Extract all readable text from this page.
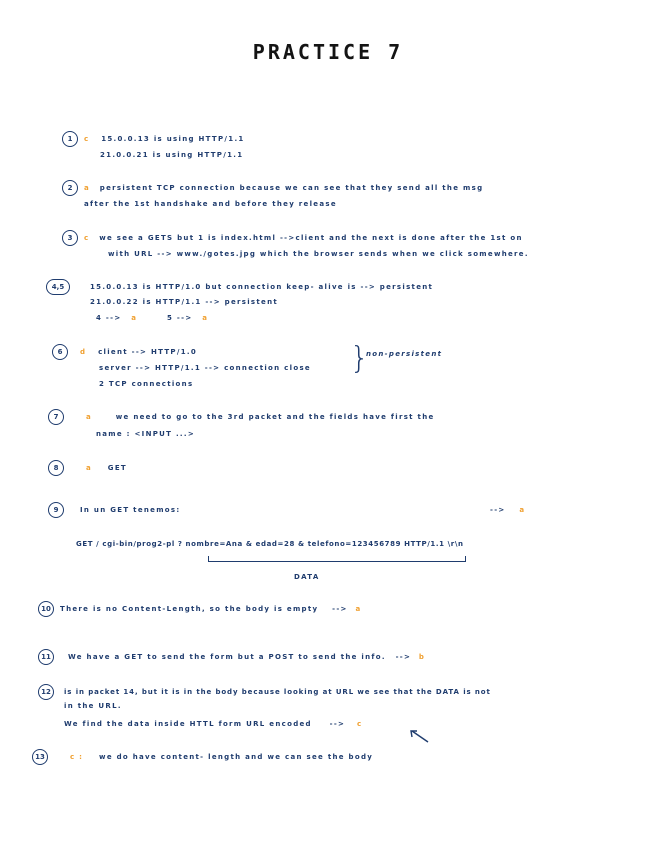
PRACTICE 7
1	c 15.0.0.13 is using HTTP/1.1
21.0.0.21 is using HTTP/1.1
2	a persistent TCP connection because we can see that they send all the msg
after the 1st handshake and before they release
3	c we see a GETS but 1 is index.html -->client and the next is done after the 1st on
with URL --> www./gotes.jpg which the browser sends when we click somewhere.
4,5	15.0.0.13 is HTTP/1.0 but connection keep- alive is --> persistent
21.0.0.22 is HTTP/1.1 --> persistent
4 --> a	5 --> a
6	d client --> HTTP/1.0
server --> HTTP/1.1 --> connection close
2 TCP connections
}
non-persistent
7	a	we need to go to the 3rd packet and the fields have first the
name : <INPUT ...>
8	a GET
9	In un GET tenemos:	--> a
GET / cgi-bin/prog2-pl ? nombre=Ana & edad=28 & telefono=123456789 HTTP/1.1 \r\n
DATA
10	There is no Content-Length, so the body is empty --> a
11	We have a GET to send the form but a POST to send the info. --> b
12	is in packet 14, but it is in the body because looking at URL we see that the DATA is not
in the URL.
We find the data inside HTTL form URL encoded	--> c
13	c : we do have content- length and we can see the body
